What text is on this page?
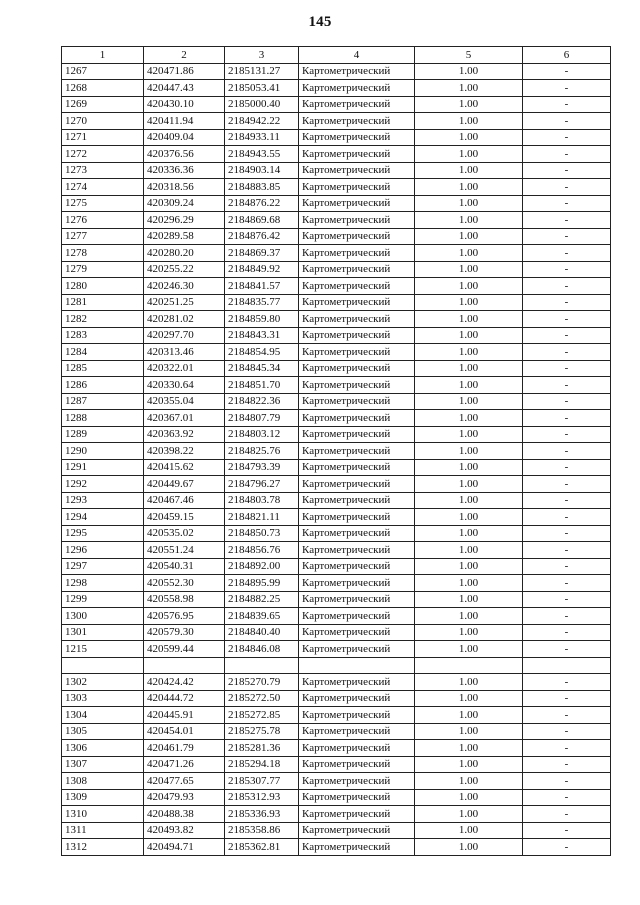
145
1	2	3	4	5	6
1267	420471.86	2185131.27	Картометрический	1.00	-
1268	420447.43	2185053.41	Картометрический	1.00	-
1269	420430.10	2185000.40	Картометрический	1.00	-
1270	420411.94	2184942.22	Картометрический	1.00	-
1271	420409.04	2184933.11	Картометрический	1.00	-
1272	420376.56	2184943.55	Картометрический	1.00	-
1273	420336.36	2184903.14	Картометрический	1.00	-
1274	420318.56	2184883.85	Картометрический	1.00	-
1275	420309.24	2184876.22	Картометрический	1.00	-
1276	420296.29	2184869.68	Картометрический	1.00	-
1277	420289.58	2184876.42	Картометрический	1.00	-
1278	420280.20	2184869.37	Картометрический	1.00	-
1279	420255.22	2184849.92	Картометрический	1.00	-
1280	420246.30	2184841.57	Картометрический	1.00	-
1281	420251.25	2184835.77	Картометрический	1.00	-
1282	420281.02	2184859.80	Картометрический	1.00	-
1283	420297.70	2184843.31	Картометрический	1.00	-
1284	420313.46	2184854.95	Картометрический	1.00	-
1285	420322.01	2184845.34	Картометрический	1.00	-
1286	420330.64	2184851.70	Картометрический	1.00	-
1287	420355.04	2184822.36	Картометрический	1.00	-
1288	420367.01	2184807.79	Картометрический	1.00	-
1289	420363.92	2184803.12	Картометрический	1.00	-
1290	420398.22	2184825.76	Картометрический	1.00	-
1291	420415.62	2184793.39	Картометрический	1.00	-
1292	420449.67	2184796.27	Картометрический	1.00	-
1293	420467.46	2184803.78	Картометрический	1.00	-
1294	420459.15	2184821.11	Картометрический	1.00	-
1295	420535.02	2184850.73	Картометрический	1.00	-
1296	420551.24	2184856.76	Картометрический	1.00	-
1297	420540.31	2184892.00	Картометрический	1.00	-
1298	420552.30	2184895.99	Картометрический	1.00	-
1299	420558.98	2184882.25	Картометрический	1.00	-
1300	420576.95	2184839.65	Картометрический	1.00	-
1301	420579.30	2184840.40	Картометрический	1.00	-
1215	420599.44	2184846.08	Картометрический	1.00	-

1302	420424.42	2185270.79	Картометрический	1.00	-
1303	420444.72	2185272.50	Картометрический	1.00	-
1304	420445.91	2185272.85	Картометрический	1.00	-
1305	420454.01	2185275.78	Картометрический	1.00	-
1306	420461.79	2185281.36	Картометрический	1.00	-
1307	420471.26	2185294.18	Картометрический	1.00	-
1308	420477.65	2185307.77	Картометрический	1.00	-
1309	420479.93	2185312.93	Картометрический	1.00	-
1310	420488.38	2185336.93	Картометрический	1.00	-
1311	420493.82	2185358.86	Картометрический	1.00	-
1312	420494.71	2185362.81	Картометрический	1.00	-
